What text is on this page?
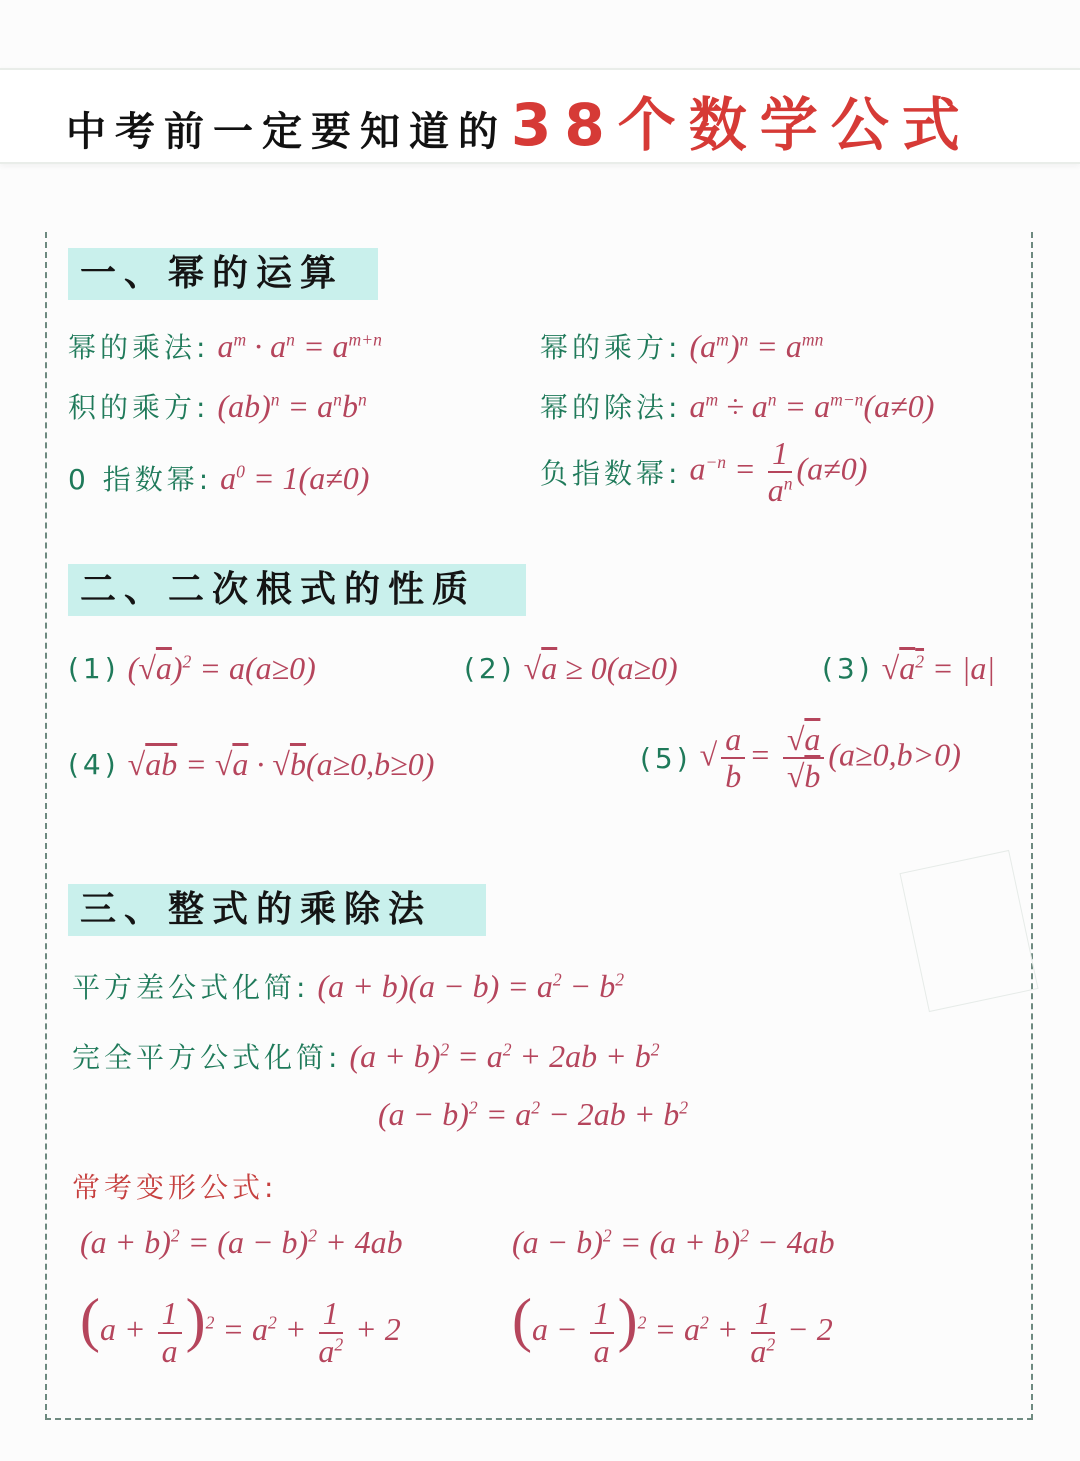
中考前一定要知道的 38个数学公式
一、幂的运算
幂的乘法: $a^m \cdot a^n = a^{m+n}$	幂的乘方: $(a^m)^n = a^{mn}$
积的乘方: $(ab)^n = a^nb^n$	幂的除法: $a^m \div a^n = a^{m-n}(a\ne 0)$
0 指数幂: $a^0 = 1(a\ne 0)$	负指数幂: $a^{-n} = \frac{1}{a^n} (a\ne 0)$
二、二次根式的性质
(1) $(√a)^2 = a(a\ge 0)$	(2) √a ≥ 0(a≥0)	(3) $√a^2 = |a|$
(4) √ab = √a · √b(a≥0,b≥0)	(5) √ $\frac{a}{b} = \frac{√a}{√b} (a\ge 0,b>0)$
三、整式的乘除法
平方差公式化简: $(a + b)(a - b) = a^2 - b^2$
完全平方公式化简: $(a + b)^2 = a^2 + 2ab + b^2$
$(a - b)^2 = a^2 - 2ab + b^2$
常考变形公式:
$(a + b)^2 = (a - b)^2 + 4ab$	$(a - b)^2 = (a + b)^2 - 4ab$
$(a + \frac{1}{a} )^2 = a^2 + \frac{1}{a^2} + 2$ $(a - \frac{1}{a} )^2 = a^2 + \frac{1}{a^2} - 2$
